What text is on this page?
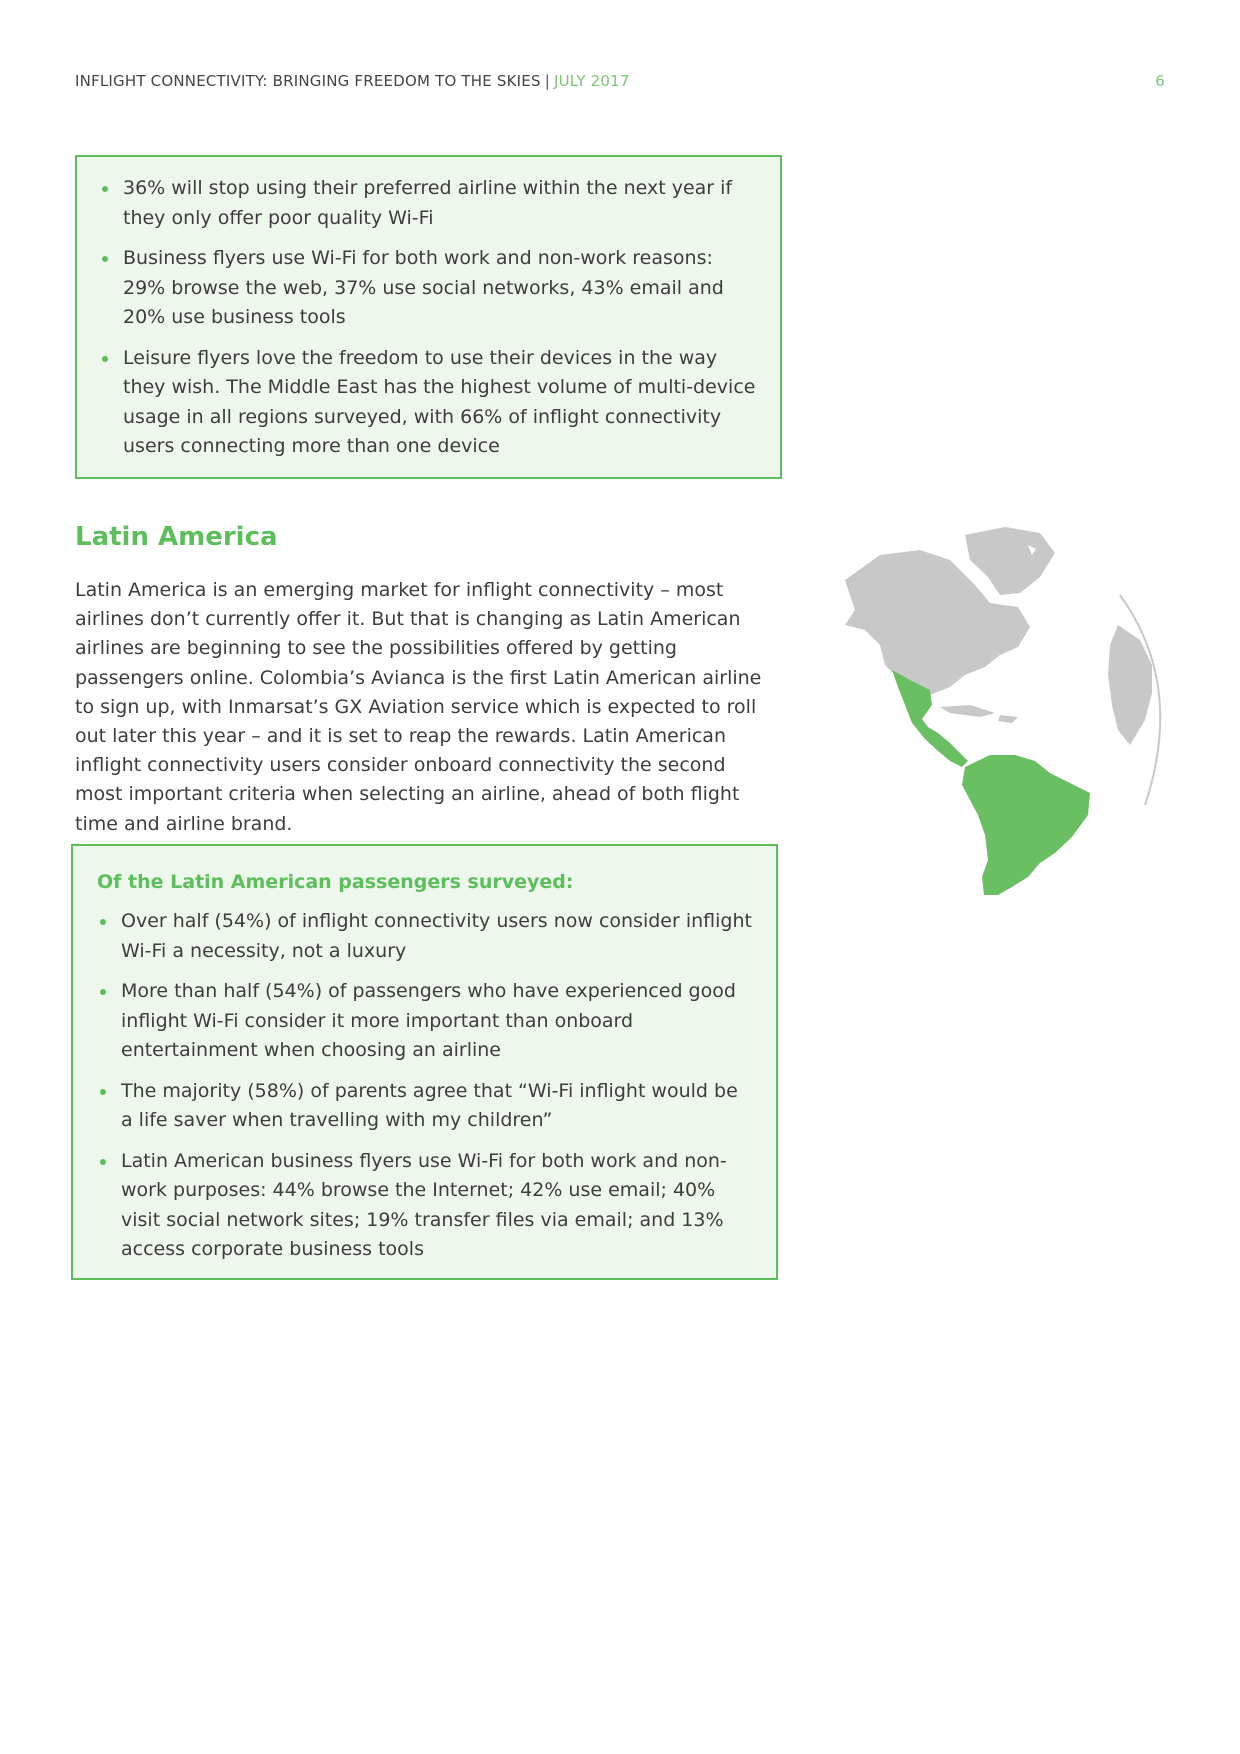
INFLIGHT CONNECTIVITY: BRINGING FREEDOM TO THE SKIES | JULY 2017	6
36% will stop using their preferred airline within the next year if they only offer poor quality Wi-Fi
Business flyers use Wi-Fi for both work and non-work reasons: 29% browse the web, 37% use social networks, 43% email and 20% use business tools
Leisure flyers love the freedom to use their devices in the way they wish. The Middle East has the highest volume of multi-device usage in all regions surveyed, with 66% of inflight connectivity users connecting more than one device
Latin America

Latin America is an emerging market for inflight connectivity – most airlines don’t currently offer it. But that is changing as Latin American airlines are beginning to see the possibilities offered by getting passengers online. Colombia’s Avianca is the first Latin American airline to sign up, with Inmarsat’s GX Aviation service which is expected to roll out later this year – and it is set to reap the rewards. Latin American inflight connectivity users consider onboard connectivity the second most important criteria when selecting an airline, ahead of both flight time and airline brand.

Of the Latin American passengers surveyed:

Over half (54%) of inflight connectivity users now consider inflight Wi-Fi a necessity, not a luxury
More than half (54%) of passengers who have experienced good inflight Wi-Fi consider it more important than onboard entertainment when choosing an airline
The majority (58%) of parents agree that “Wi-Fi inflight would be a life saver when travelling with my children”
Latin American business flyers use Wi-Fi for both work and non-work purposes: 44% browse the Internet; 42% use email; 40% visit social network sites; 19% transfer files via email; and 13% access corporate business tools
